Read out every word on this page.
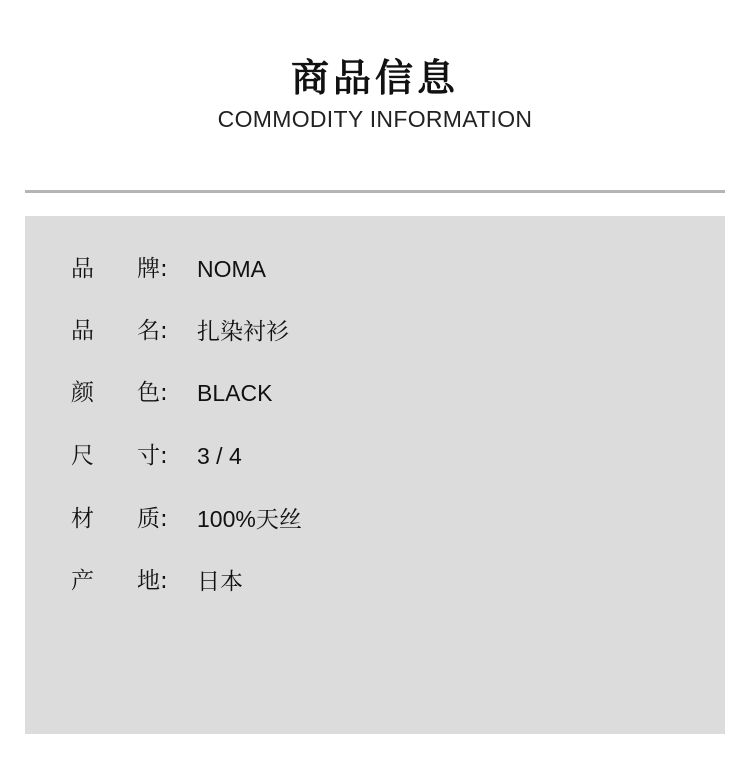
商品信息
COMMODITY INFORMATION
品 牌: NOMA
品 名: 扎染衬衫
颜 色: BLACK
尺 寸: 3 / 4
材 质: 100%天丝
产 地: 日本
